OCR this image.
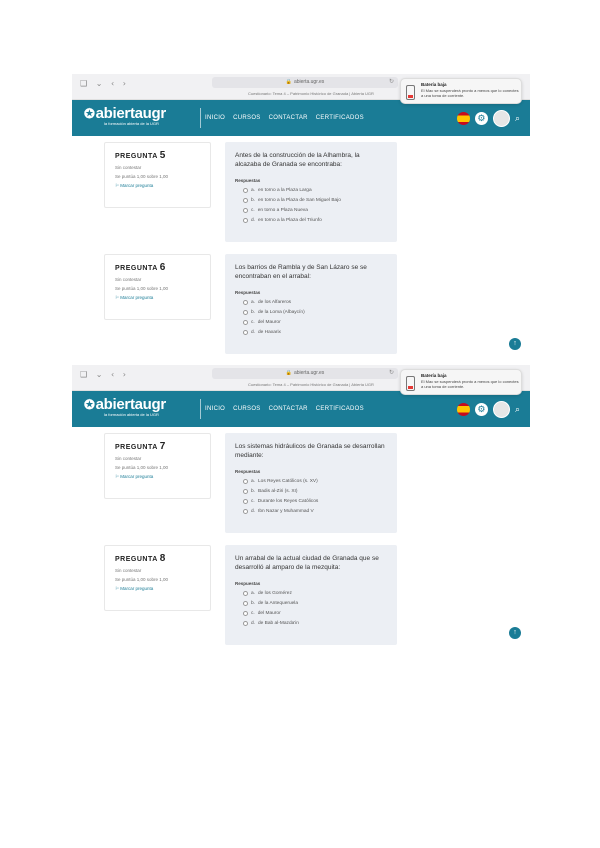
❑ ⌄ ‹ ›	🔒 abierta.ugr.es	↻
Cuestionario: Tema 4 – Patrimonio Histórico de Granada | Abierta UGR
Batería baja
El Mac se suspenderá pronto a menos que lo conectes a una toma de corriente.
✪abiertaugr
la formación abierta de la UGR
INICIO CURSOS CONTACTAR CERTIFICADOS	⚙	⌕
PREGUNTA 5
Sin contestar
Se puntúa 1,00 sobre 1,00
⚐ Marcar pregunta
Antes de la construcción de la Alhambra, la alcazaba de Granada se encontraba:
Respuestas
a. en torno a la Plaza Larga
b. en torno a la Plaza de San Miguel Bajo
c. en torno a Plaza Nueva
d. en torno a la Plaza del Triunfo
PREGUNTA 6
Sin contestar
Se puntúa 1,00 sobre 1,00
⚐ Marcar pregunta
Los barrios de Rambla y de San Lázaro se se encontraban en el arrabal:
Respuestas
a. de los Alfareros
b. de la Loma (Albaycín)
c. del Mauror
d. de Haxarix
↑
❑ ⌄ ‹ ›	🔒 abierta.ugr.es	↻
Cuestionario: Tema 4 – Patrimonio Histórico de Granada | Abierta UGR
Batería baja
El Mac se suspenderá pronto a menos que lo conectes a una toma de corriente.
✪abiertaugr
la formación abierta de la UGR
INICIO CURSOS CONTACTAR CERTIFICADOS	⚙	⌕
PREGUNTA 7
Sin contestar
Se puntúa 1,00 sobre 1,00
⚐ Marcar pregunta
Los sistemas hidráulicos de Granada se desarrollan mediante:
Respuestas
a. Los Reyes Católicos (s. XV)
b. Badis al-Ziri (s. XI)
c. Durante los Reyes Católicos
d. Ibn Nazar y Muhammad V
PREGUNTA 8
Sin contestar
Se puntúa 1,00 sobre 1,00
⚐ Marcar pregunta
Un arrabal de la actual ciudad de Granada que se desarrolló al amparo de la mezquita:
Respuestas
a. de los Gomérez
b. de la Antequeruela
c. del Mauror
d. de Bab al-Mazda'in
↑
